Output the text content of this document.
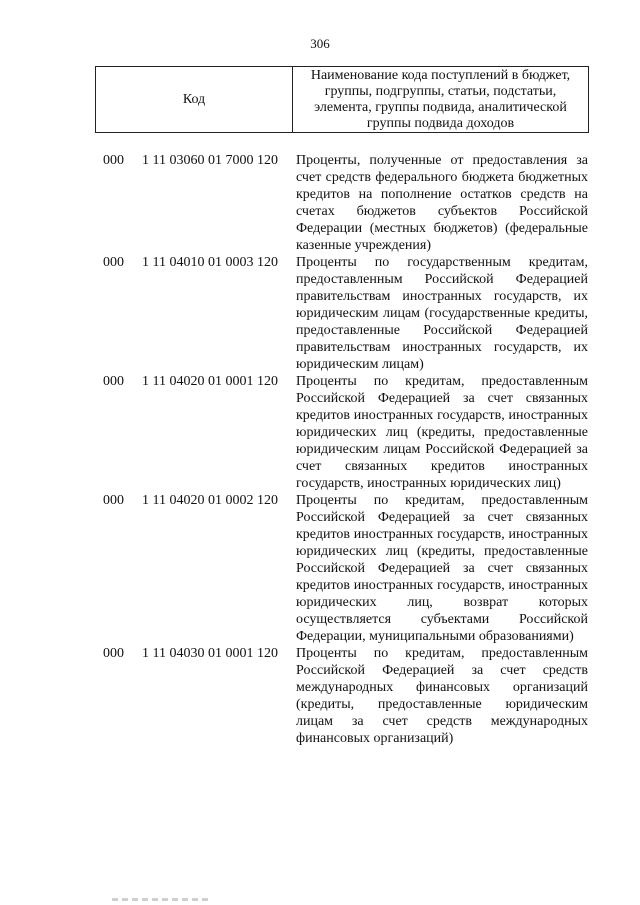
306
Код
Наименование кода поступлений в бюджет, группы, подгруппы, статьи, подстатьи, элемента, группы подвида, аналитической группы подвида доходов
000 1 11 03060 01 7000 120 Проценты, полученные от предоставления за счет средств федерального бюджета бюджетных кредитов на пополнение остатков средств на счетах бюджетов субъектов Российской Федерации (местных бюджетов) (федеральные казенные учреждения)
000 1 11 04010 01 0003 120 Проценты по государственным кредитам, предоставленным Российской Федерацией правительствам иностранных государств, их юридическим лицам (государственные кредиты, предоставленные Российской Федерацией правительствам иностранных государств, их юридическим лицам)
000 1 11 04020 01 0001 120 Проценты по кредитам, предоставленным Российской Федерацией за счет связанных кредитов иностранных государств, иностранных юридических лиц (кредиты, предоставленные юридическим лицам Российской Федерацией за счет связанных кредитов иностранных государств, иностранных юридических лиц)
000 1 11 04020 01 0002 120 Проценты по кредитам, предоставленным Российской Федерацией за счет связанных кредитов иностранных государств, иностранных юридических лиц (кредиты, предоставленные Российской Федерацией за счет связанных кредитов иностранных государств, иностранных юридических лиц, возврат которых осуществляется субъектами Российской Федерации, муниципальными образованиями)
000 1 11 04030 01 0001 120 Проценты по кредитам, предоставленным Российской Федерацией за счет средств международных финансовых организаций (кредиты, предоставленные юридическим лицам за счет средств международных финансовых организаций)
